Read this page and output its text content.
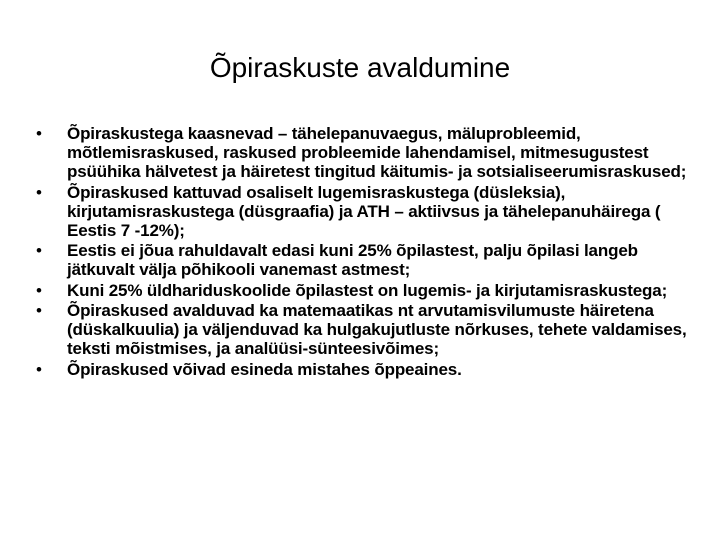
Õpiraskuste avaldumine
•	Õpiraskustega kaasnevad – tähelepanuvaegus, mäluprobleemid, mõtlemisraskused, raskused probleemide lahendamisel, mitmesugustest psüühika hälvetest ja häiretest tingitud käitumis- ja sotsialiseerumisraskused;
•	Õpiraskused kattuvad osaliselt lugemisraskustega (düsleksia), kirjutamisraskustega (düsgraafia) ja ATH – aktiivsus ja tähelepanuhäirega ( Eestis 7 -12%);
•	Eestis ei jõua rahuldavalt edasi kuni 25% õpilastest, palju õpilasi langeb jätkuvalt välja põhikooli vanemast astmest;
•	Kuni 25% üldhariduskoolide õpilastest on lugemis- ja kirjutamisraskustega;
•	Õpiraskused avalduvad ka matemaatikas nt arvutamisvilumuste häiretena (düskalkuulia) ja väljenduvad ka hulgakujutluste nõrkuses, tehete valdamises, teksti mõistmises, ja analüüsi-sünteesivõimes;
•	Õpiraskused võivad esineda mistahes õppeaines.
